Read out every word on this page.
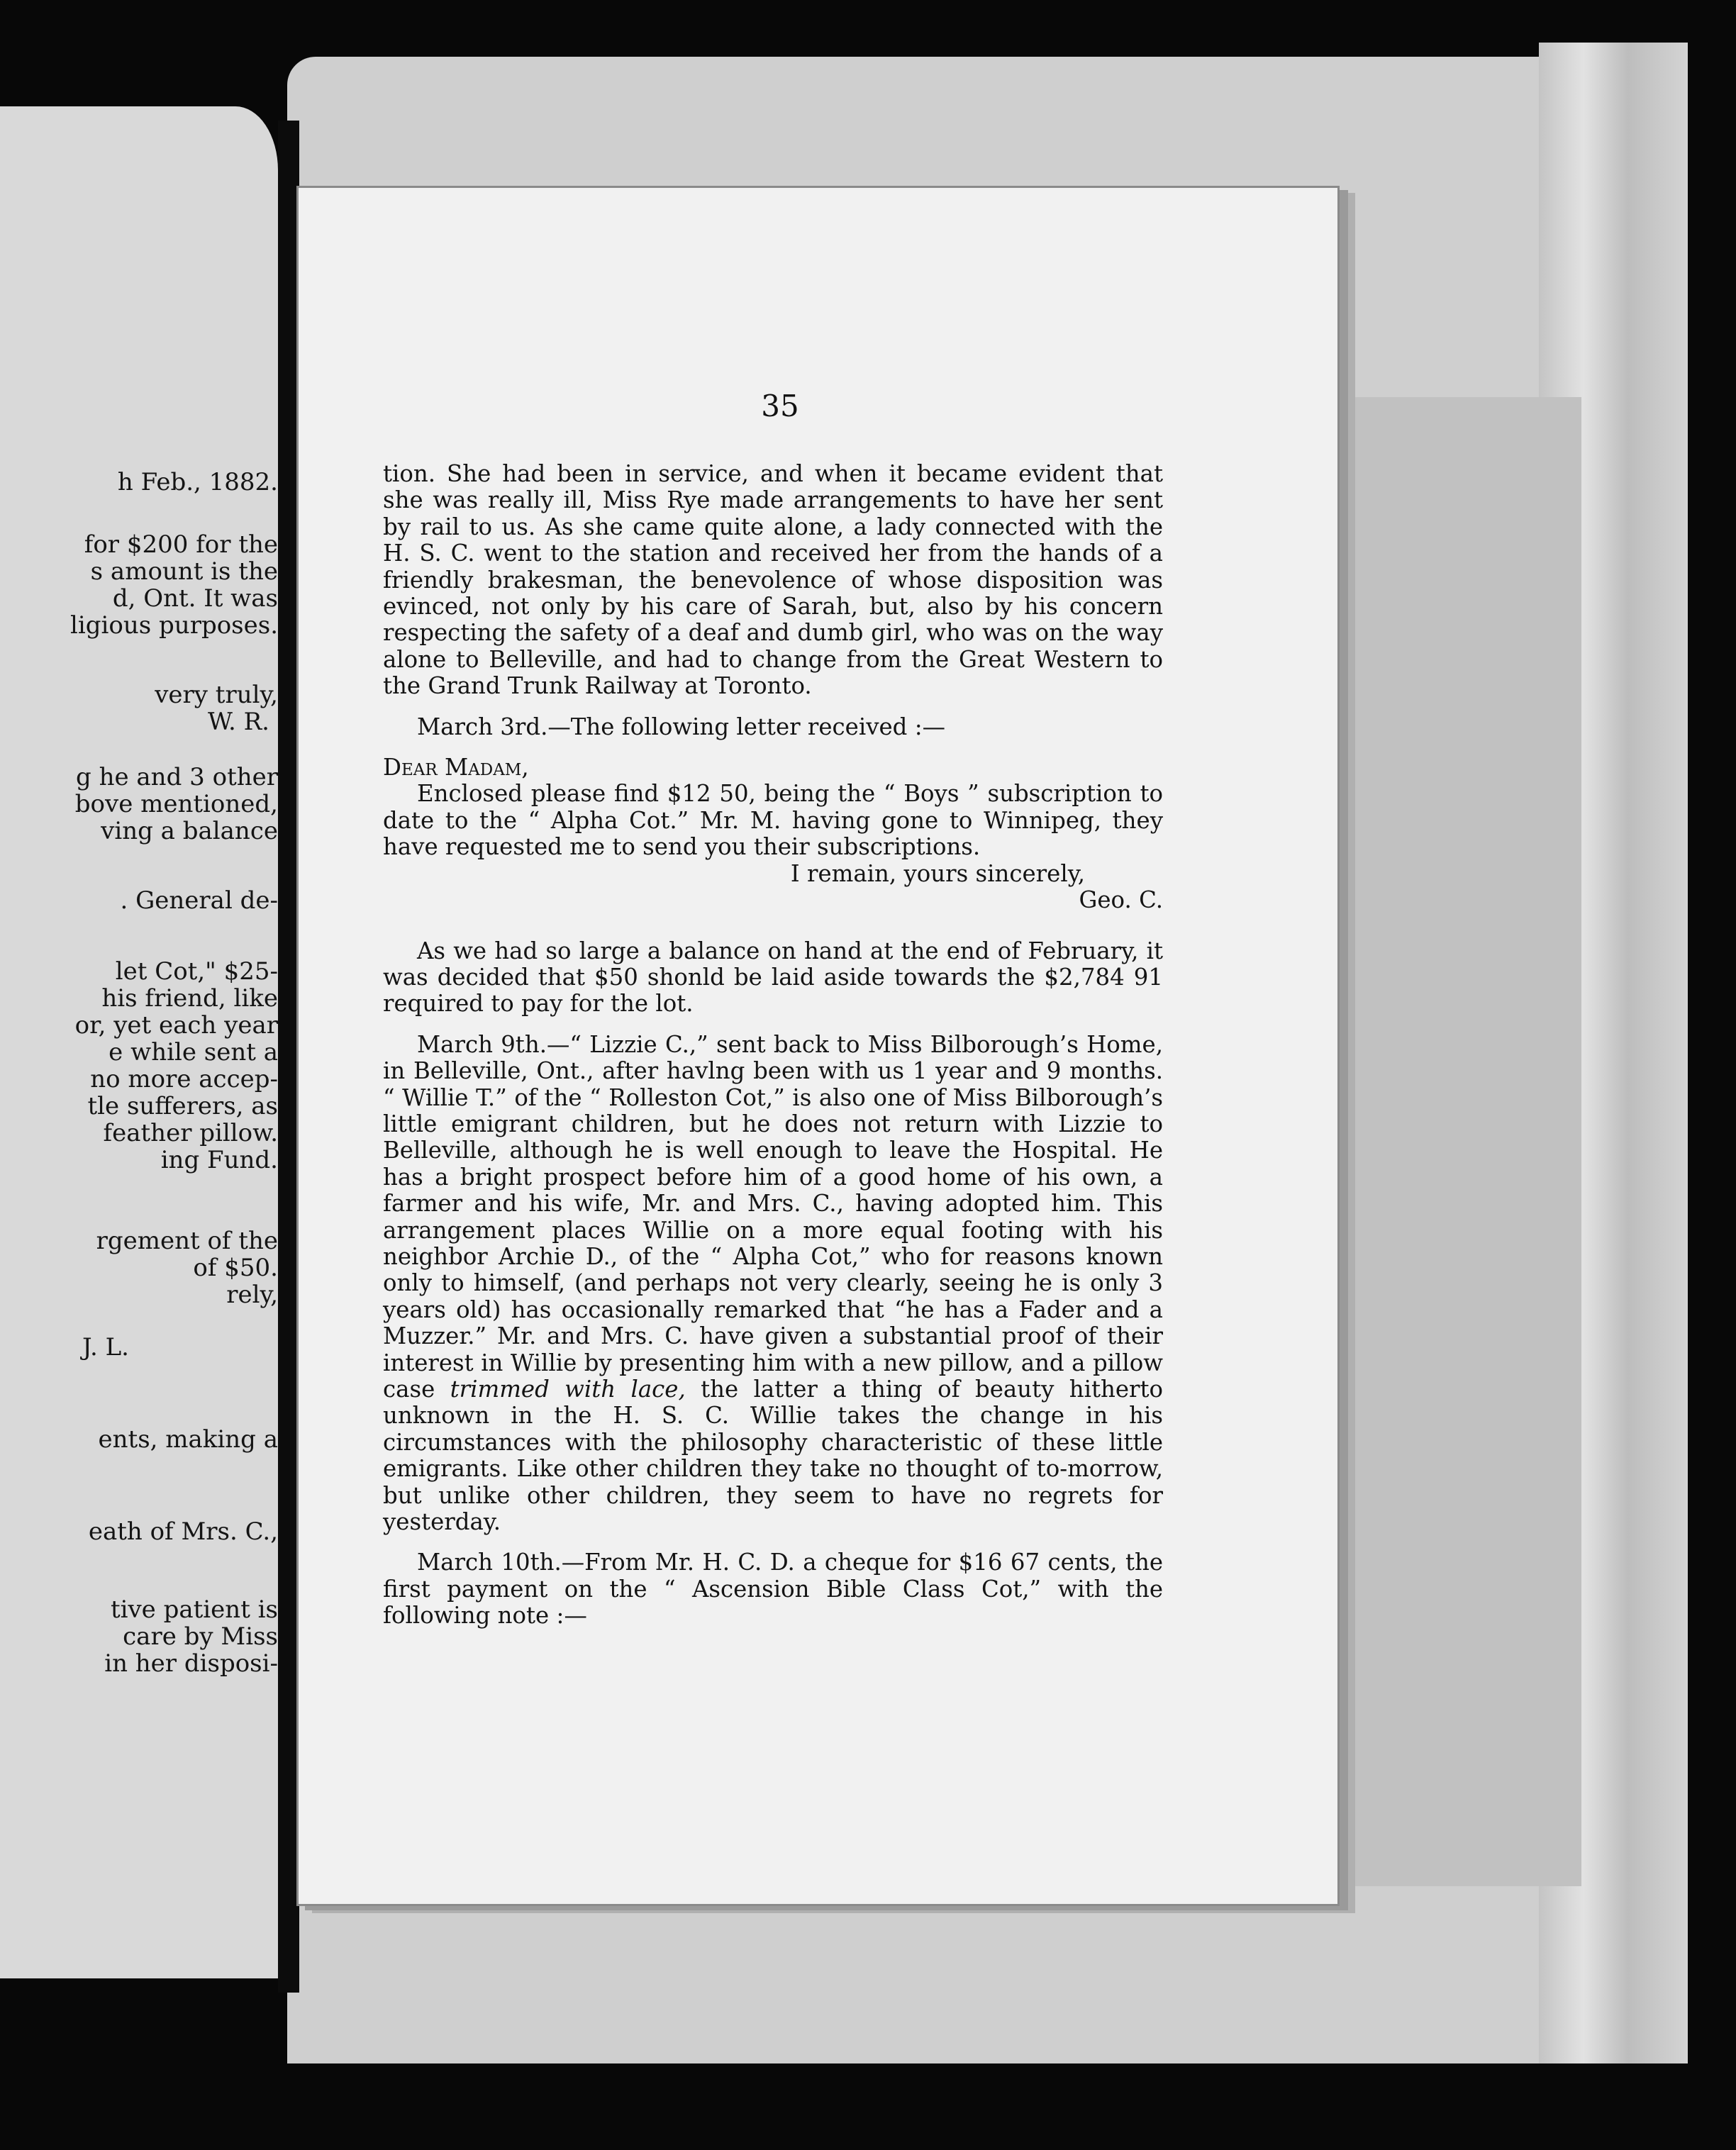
h Feb., 1882.

for $200 for the

s amount is the

d, Ont. It was

ligious purposes.

very truly,

W. R.

g he and 3 other

bove mentioned,

ving a balance

. General de-

let Cot," $25-

his friend, like

or, yet each year

e while sent a

no more accep-

tle sufferers, as

feather pillow.

ing Fund.

rgement of the

of $50.

rely,

J. L.

ents, making a

eath of Mrs. C.,

tive patient is

care by Miss

in her disposi-

35

tion. She had been in service, and when it became evident that she was really ill, Miss Rye made arrangements to have her sent by rail to us. As she came quite alone, a lady connected with the H. S. C. went to the station and received her from the hands of a friendly brakesman, the benevolence of whose disposition was evinced, not only by his care of Sarah, but, also by his concern respecting the safety of a deaf and dumb girl, who was on the way alone to Belleville, and had to change from the Great Western to the Grand Trunk Railway at Toronto.

March 3rd.—The following letter received :—

Dear Madam,

Enclosed please find $12 50, being the “ Boys ” subscription to date to the “ Alpha Cot.” Mr. M. having gone to Winnipeg, they have requested me to send you their subscriptions.

I remain, yours sincerely,

Geo. C.

As we had so large a balance on hand at the end of February, it was decided that $50 shonld be laid aside towards the $2,784 91 required to pay for the lot.

March 9th.—“ Lizzie C.,” sent back to Miss Bilborough’s Home, in Belleville, Ont., after havlng been with us 1 year and 9 months. “ Willie T.” of the “ Rolleston Cot,” is also one of Miss Bilborough’s little emigrant children, but he does not return with Lizzie to Belleville, although he is well enough to leave the Hospital. He has a bright prospect before him of a good home of his own, a farmer and his wife, Mr. and Mrs. C., having adopted him. This arrangement places Willie on a more equal footing with his neighbor Archie D., of the “ Alpha Cot,” who for reasons known only to himself, (and perhaps not very clearly, seeing he is only 3 years old) has occasionally remarked that “he has a Fader and a Muzzer.” Mr. and Mrs. C. have given a substantial proof of their interest in Willie by presenting him with a new pillow, and a pillow case trimmed with lace, the latter a thing of beauty hitherto unknown in the H. S. C. Willie takes the change in his circumstances with the philosophy characteristic of these little emigrants. Like other children they take no thought of to-morrow, but unlike other children, they seem to have no regrets for yesterday.

March 10th.—From Mr. H. C. D. a cheque for $16 67 cents, the first payment on the “ Ascension Bible Class Cot,” with the following note :—
